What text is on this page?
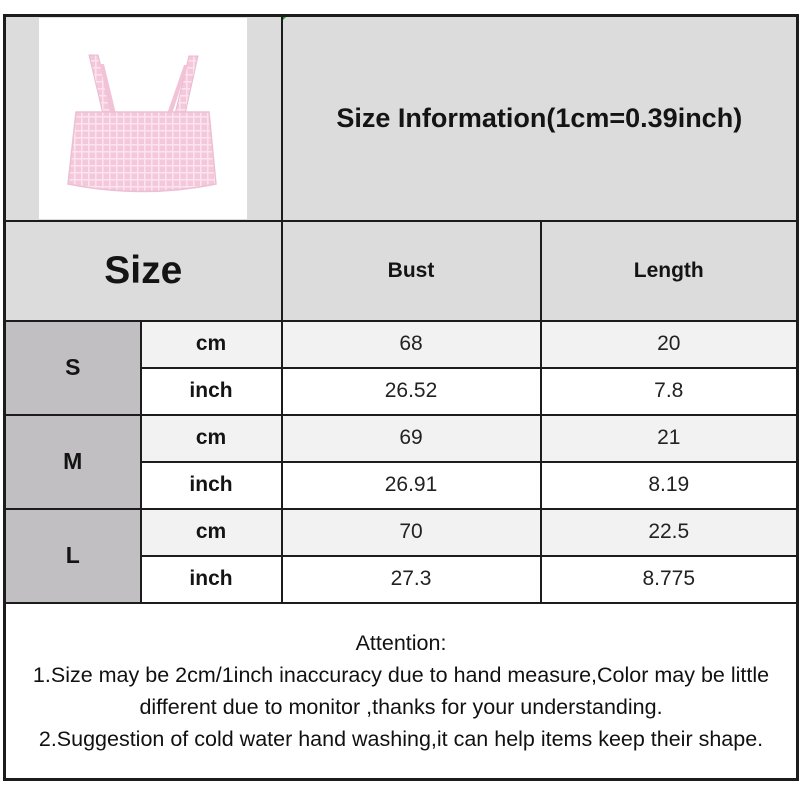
Size Information(1cm=0.39inch)	
Size		Bust	Length
S	cm	68	20
	inch	26.52	7.8
M	cm	69	21
	inch	26.91	8.19
L	cm	70	22.5
	inch	27.3	8.775

Attention:
1.Size may be 2cm/1inch inaccuracy due to hand measure,Color may be little
different due to monitor ,thanks for your understanding.
2.Suggestion of cold water hand washing,it can help items keep their shape.			
